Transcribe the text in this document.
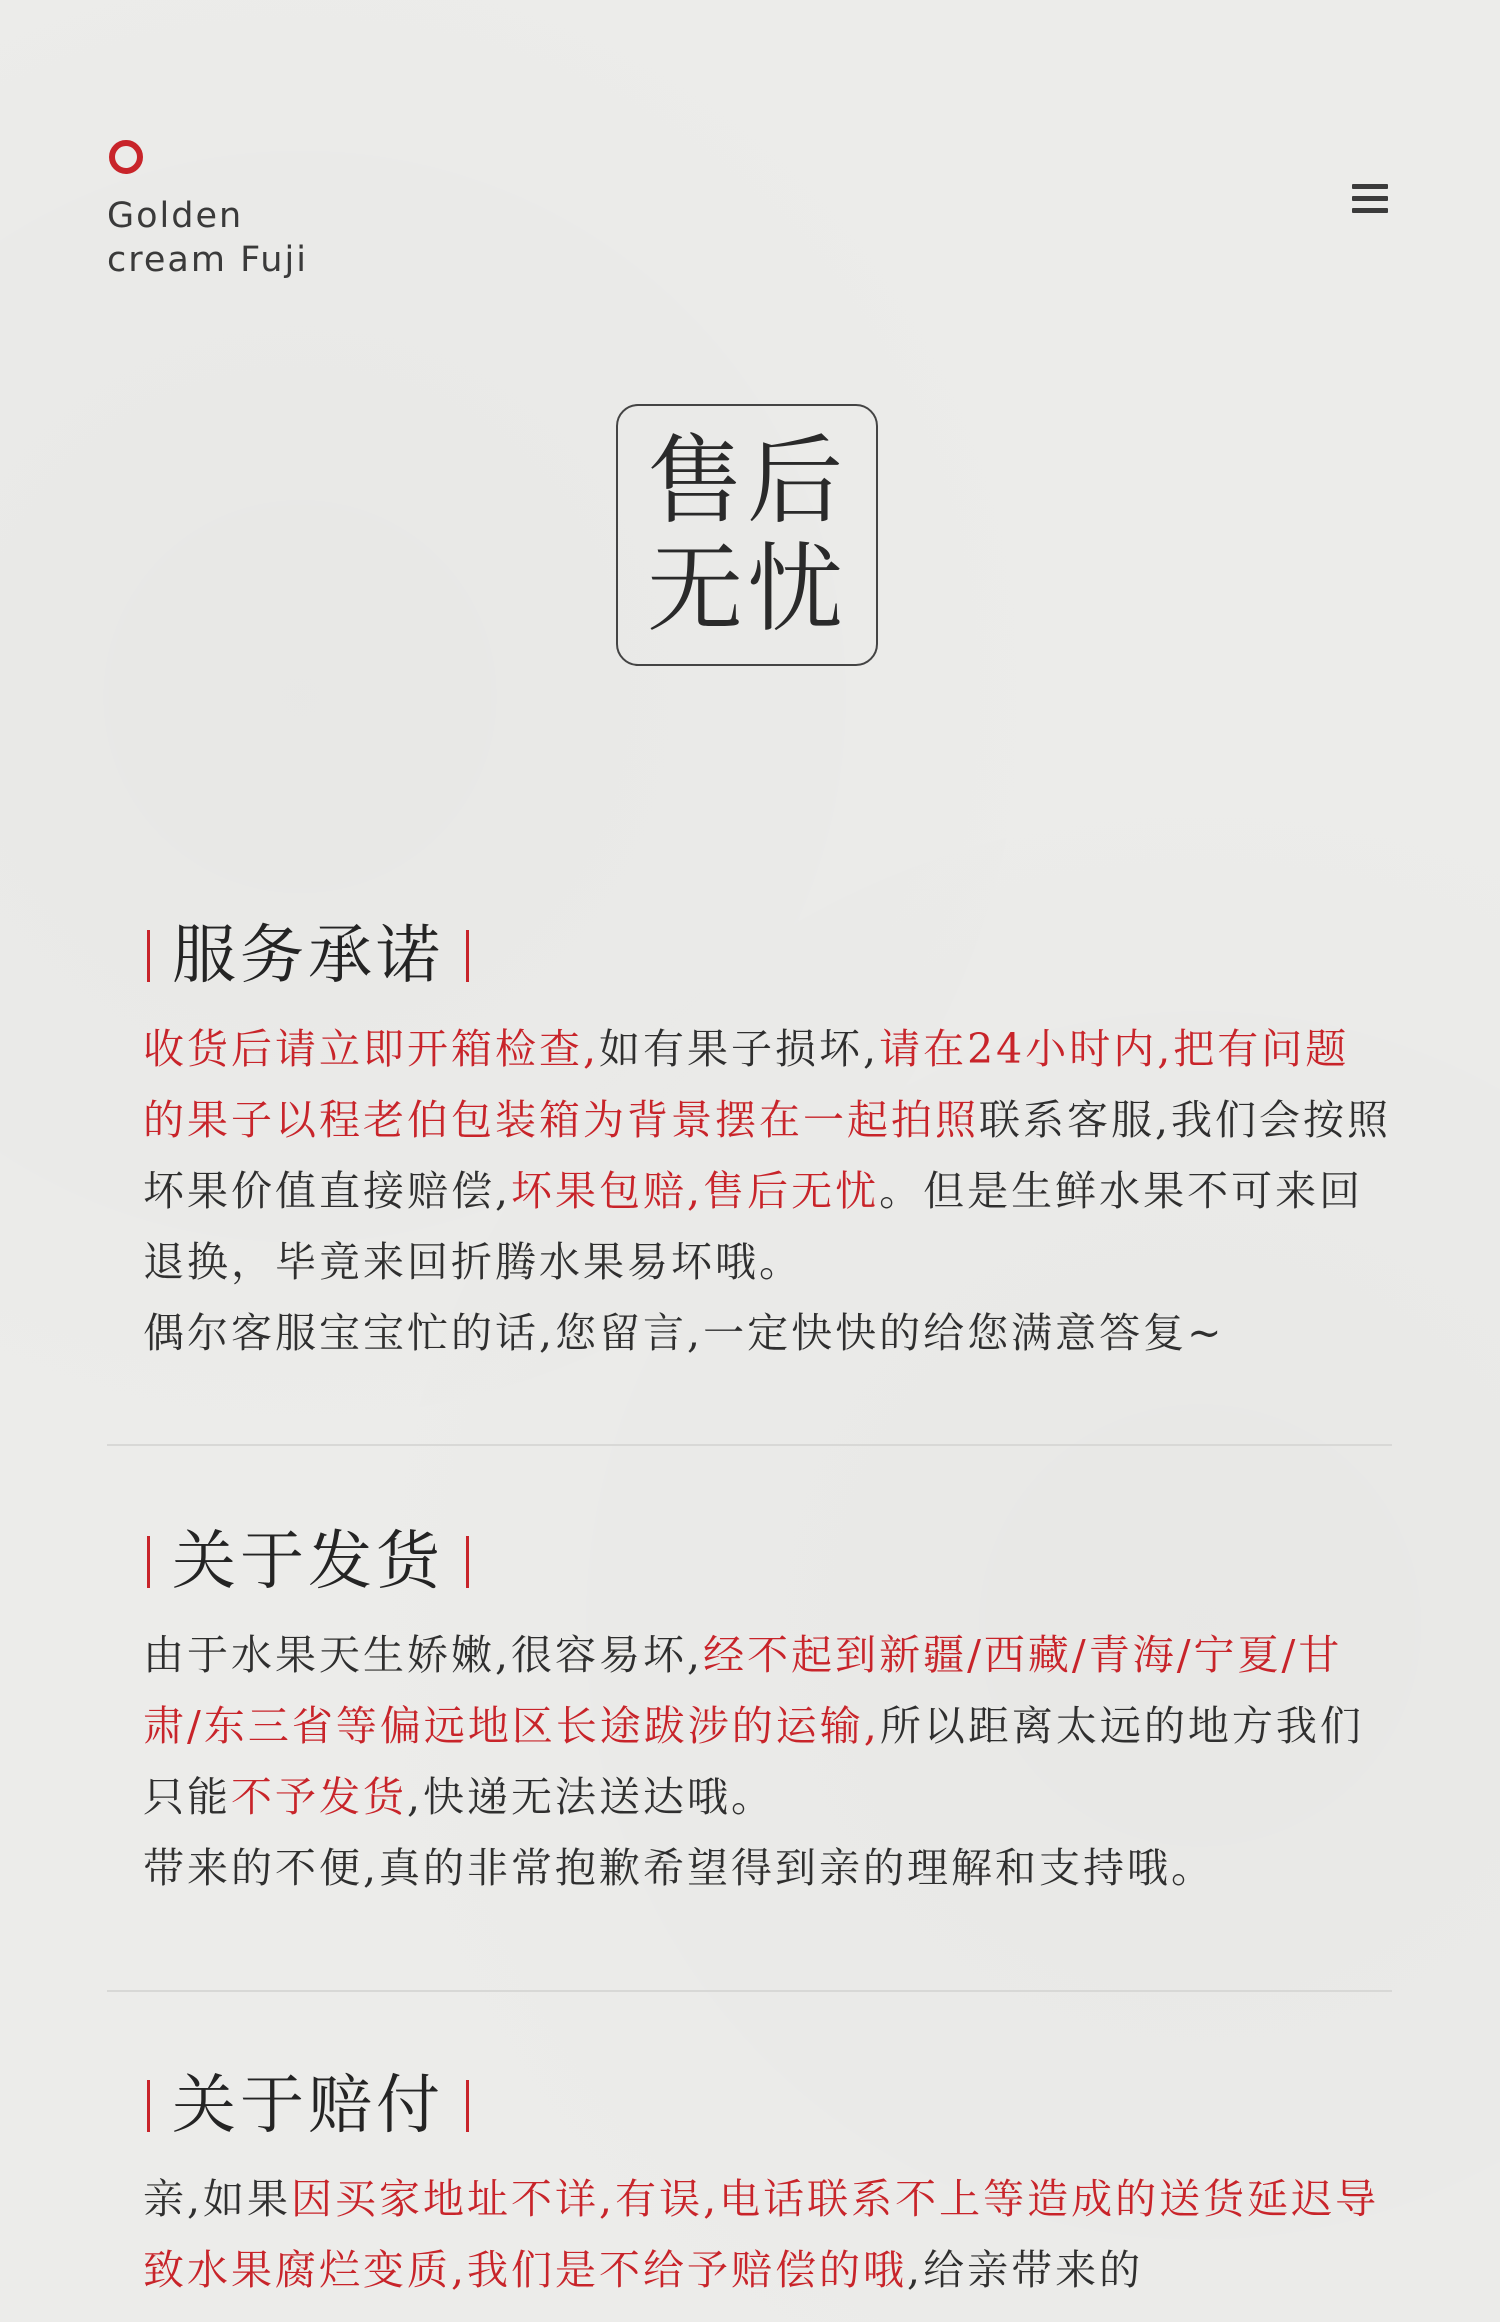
Golden
cream Fuji
售后
无忧
服务承诺
收货后请立即开箱检查,如有果子损坏,请在24小时内,把有问题的果子以程老伯包装箱为背景摆在一起拍照联系客服,我们会按照坏果价值直接赔偿,坏果包赔,售后无忧。但是生鲜水果不可来回退换，毕竟来回折腾水果易坏哦。
偶尔客服宝宝忙的话,您留言,一定快快的给您满意答复~
关于发货
由于水果天生娇嫩,很容易坏,经不起到新疆/西藏/青海/宁夏/甘肃/东三省等偏远地区长途跋涉的运输,所以距离太远的地方我们只能不予发货,快递无法送达哦。
带来的不便,真的非常抱歉希望得到亲的理解和支持哦。
关于赔付
亲,如果因买家地址不详,有误,电话联系不上等造成的送货延迟导致水果腐烂变质,我们是不给予赔偿的哦,给亲带来的
